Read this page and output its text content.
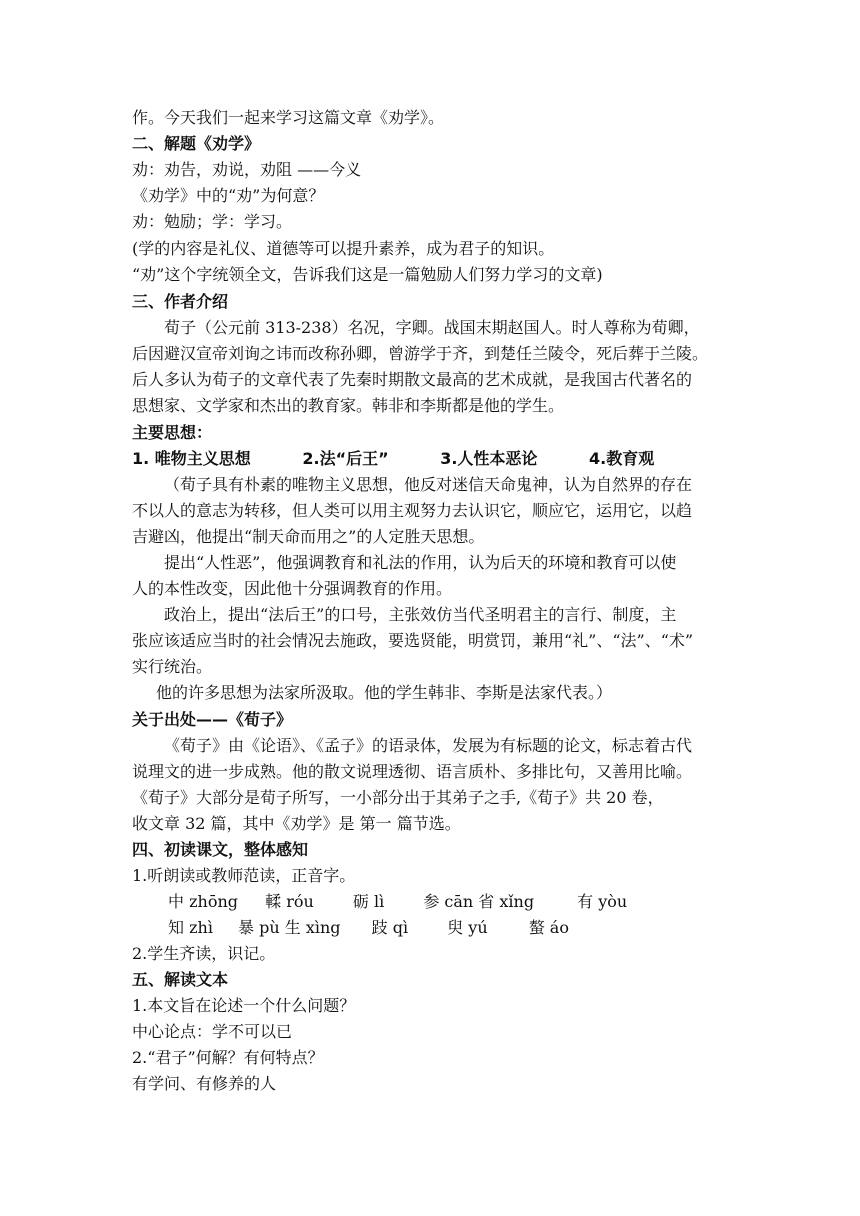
作。今天我们一起来学习这篇文章《劝学》。
二、解题《劝学》
劝：劝告，劝说，劝阻 ——今义
《劝学》中的“劝”为何意？
劝：勉励；学：学习。
(学的内容是礼仪、道德等可以提升素养，成为君子的知识。
“劝”这个字统领全文，告诉我们这是一篇勉励人们努力学习的文章)
三、作者介绍
荀子（公元前 313-238）名况，字卿。战国末期赵国人。时人尊称为荀卿，
后因避汉宣帝刘询之讳而改称孙卿，曾游学于齐，到楚任兰陵令，死后葬于兰陵。
后人多认为荀子的文章代表了先秦时期散文最高的艺术成就，是我国古代著名的
思想家、文学家和杰出的教育家。韩非和李斯都是他的学生。
主要思想：
1. 唯物主义思想	2.法“后王”	3.人性本恶论	4.教育观
（荀子具有朴素的唯物主义思想，他反对迷信天命鬼神，认为自然界的存在
不以人的意志为转移，但人类可以用主观努力去认识它，顺应它，运用它，以趋
吉避凶，他提出“制天命而用之”的人定胜天思想。
提出“人性恶”，他强调教育和礼法的作用，认为后天的环境和教育可以使
人的本性改变，因此他十分强调教育的作用。
政治上，提出“法后王”的口号，主张效仿当代圣明君主的言行、制度，主
张应该适应当时的社会情况去施政，要选贤能，明赏罚，兼用“礼”、“法”、“术”
实行统治。
他的许多思想为法家所汲取。他的学生韩非、李斯是法家代表。）
关于出处——《荀子》
《荀子》由《论语》、《孟子》的语录体，发展为有标题的论文，标志着古代
说理文的进一步成熟。他的散文说理透彻、语言质朴、多排比句，又善用比喻。
《荀子》大部分是荀子所写，一小部分出于其弟子之手,《荀子》共 20 卷，
收文章 32 篇，其中《劝学》是 第一 篇节选。
四、初读课文，整体感知
1.听朗读或教师范读，正音字。
中 zhōng 輮 róu 砺 lì 参 cān 省 xǐng	有 yòu
知 zhì 暴 pù 生 xìng 跂 qì 臾 yú	螯 áo
2.学生齐读，识记。
五、解读文本
1.本文旨在论述一个什么问题？
中心论点：学不可以已
2.“君子”何解？有何特点？
有学问、有修养的人
